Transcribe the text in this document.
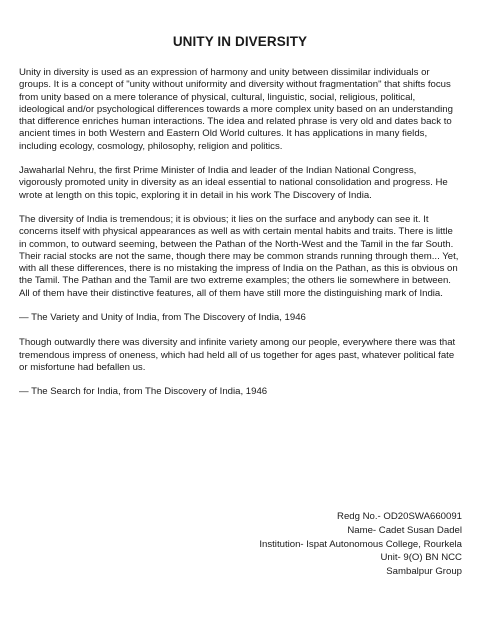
UNITY IN DIVERSITY

Unity in diversity is used as an expression of harmony and unity between dissimilar individuals or groups. It is a concept of "unity without uniformity and diversity without fragmentation" that shifts focus from unity based on a mere tolerance of physical, cultural, linguistic, social, religious, political, ideological and/or psychological differences towards a more complex unity based on an understanding that difference enriches human interactions. The idea and related phrase is very old and dates back to ancient times in both Western and Eastern Old World cultures. It has applications in many fields, including ecology, cosmology, philosophy, religion and politics.

Jawaharlal Nehru, the first Prime Minister of India and leader of the Indian National Congress, vigorously promoted unity in diversity as an ideal essential to national consolidation and progress. He wrote at length on this topic, exploring it in detail in his work The Discovery of India.

The diversity of India is tremendous; it is obvious; it lies on the surface and anybody can see it. It concerns itself with physical appearances as well as with certain mental habits and traits. There is little in common, to outward seeming, between the Pathan of the North-West and the Tamil in the far South. Their racial stocks are not the same, though there may be common strands running through them... Yet, with all these differences, there is no mistaking the impress of India on the Pathan, as this is obvious on the Tamil. The Pathan and the Tamil are two extreme examples; the others lie somewhere in between. All of them have their distinctive features, all of them have still more the distinguishing mark of India.

— The Variety and Unity of India, from The Discovery of India, 1946

Though outwardly there was diversity and infinite variety among our people, everywhere there was that tremendous impress of oneness, which had held all of us together for ages past, whatever political fate or misfortune had befallen us.

— The Search for India, from The Discovery of India, 1946

Redg No.- OD20SWA660091
Name- Cadet Susan Dadel
Institution- Ispat Autonomous College, Rourkela
Unit- 9(O) BN NCC
Sambalpur Group
